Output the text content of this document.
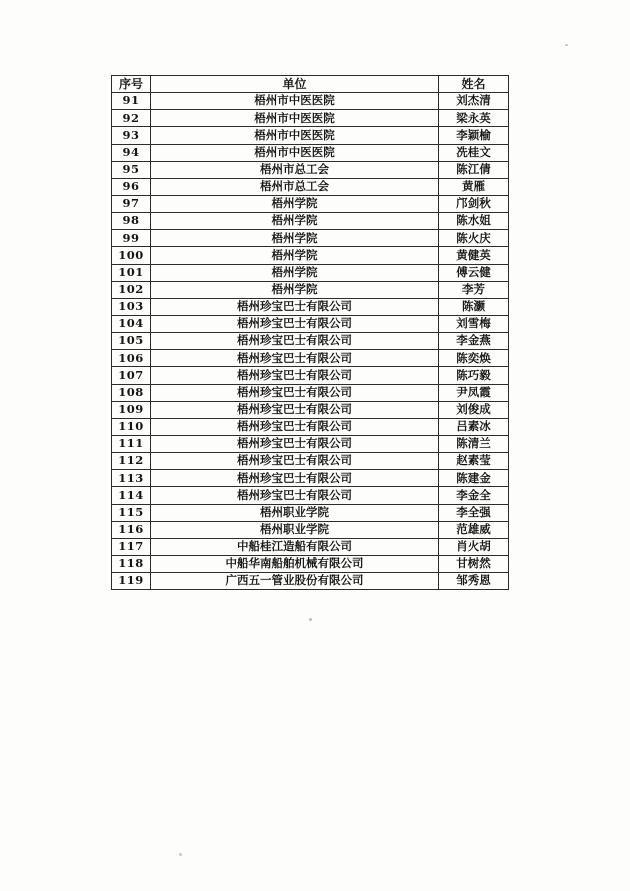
序号	单位	姓名
91	梧州市中医医院	刘杰清
92	梧州市中医医院	梁永英
93	梧州市中医医院	李颖榆
94	梧州市中医医院	冼桂文
95	梧州市总工会	陈江倩
96	梧州市总工会	黄雁
97	梧州学院	邝剑秋
98	梧州学院	陈水姐
99	梧州学院	陈火庆
100	梧州学院	黄健英
101	梧州学院	傅云健
102	梧州学院	李芳
103	梧州珍宝巴士有限公司	陈灏
104	梧州珍宝巴士有限公司	刘雪梅
105	梧州珍宝巴士有限公司	李金燕
106	梧州珍宝巴士有限公司	陈奕焕
107	梧州珍宝巴士有限公司	陈巧毅
108	梧州珍宝巴士有限公司	尹凤霞
109	梧州珍宝巴士有限公司	刘俊成
110	梧州珍宝巴士有限公司	吕素冰
111	梧州珍宝巴士有限公司	陈清兰
112	梧州珍宝巴士有限公司	赵素莹
113	梧州珍宝巴士有限公司	陈建金
114	梧州珍宝巴士有限公司	李金全
115	梧州职业学院	李全强
116	梧州职业学院	范雄威
117	中船桂江造船有限公司	肖火胡
118	中船华南船舶机械有限公司	甘树然
119	广西五一管业股份有限公司	邹秀恩
